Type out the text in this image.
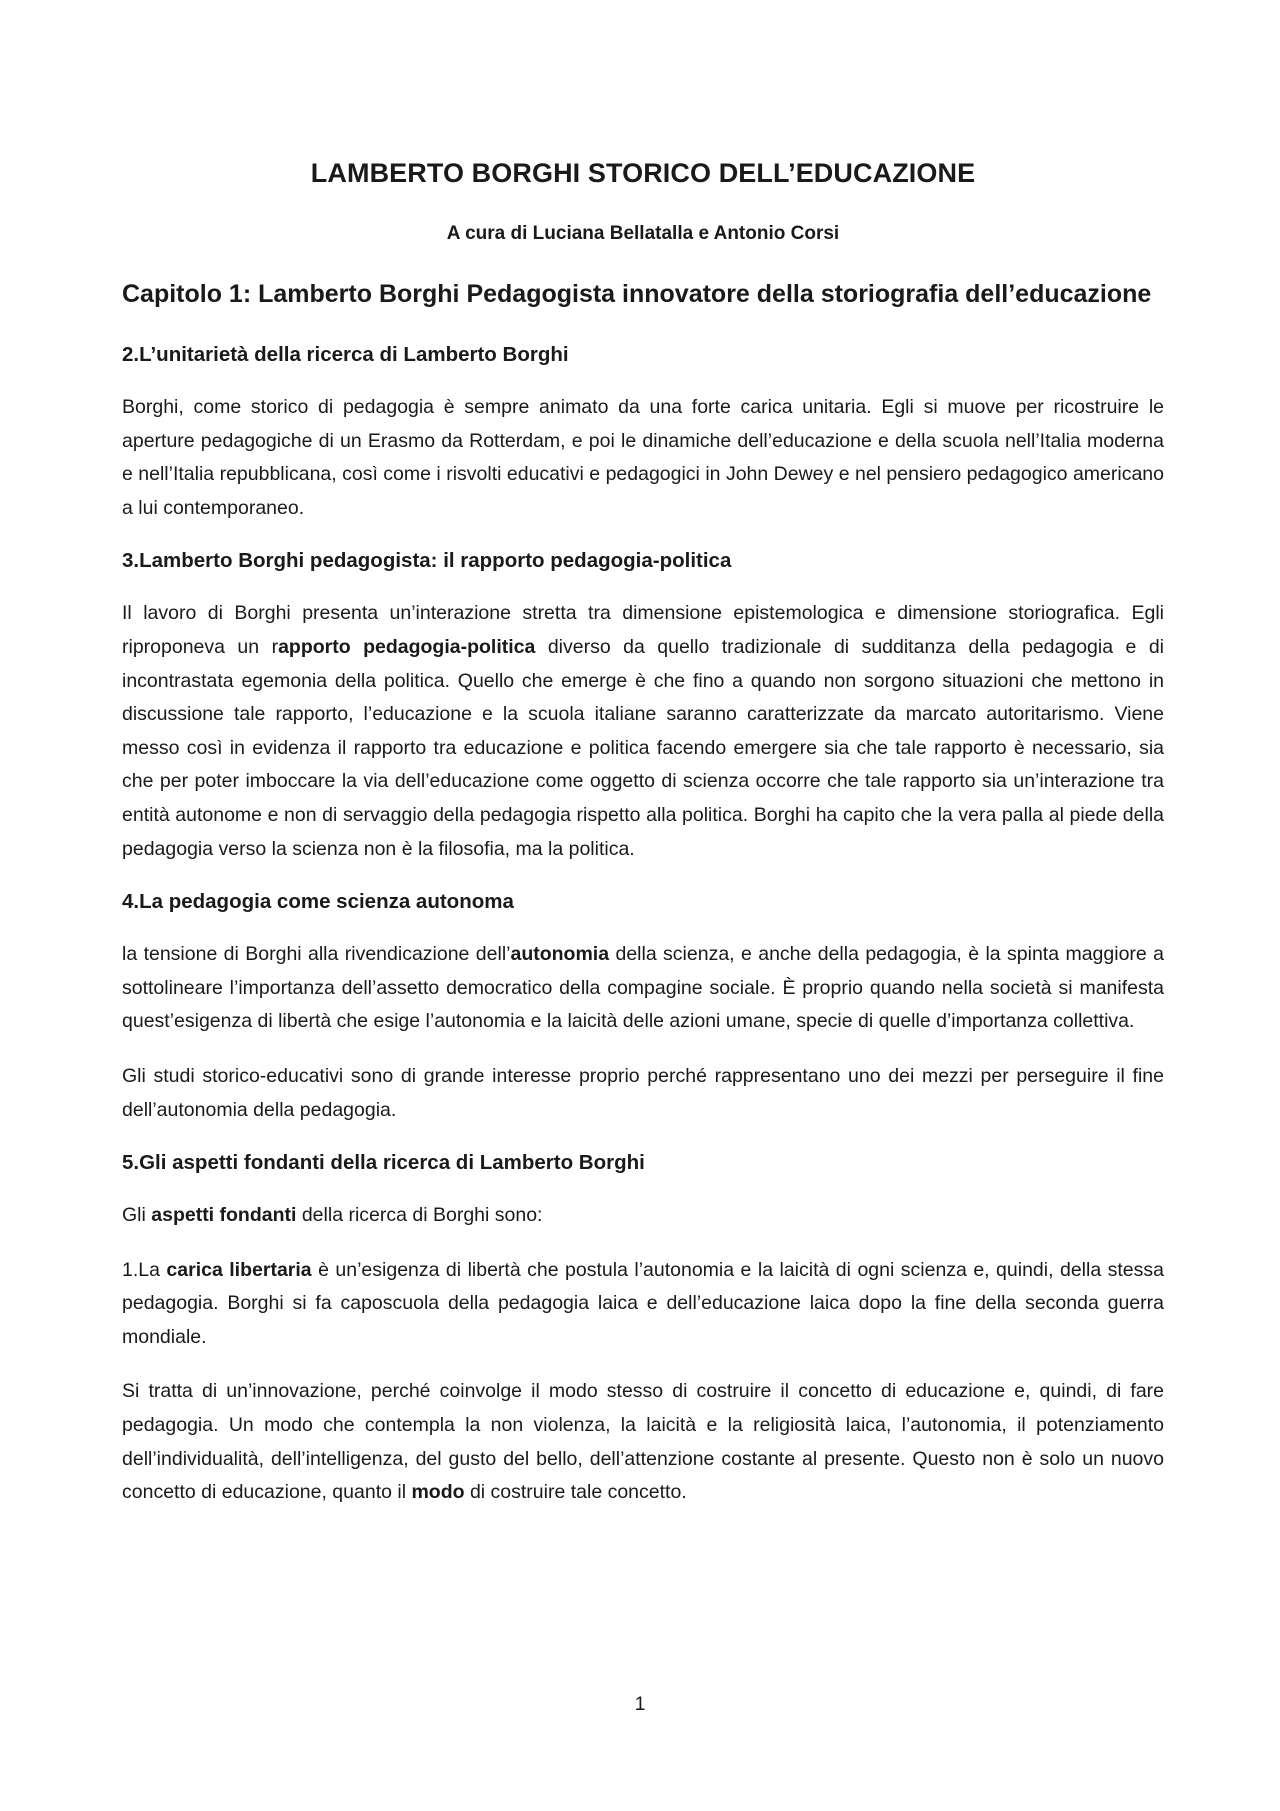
LAMBERTO BORGHI STORICO DELL’EDUCAZIONE
A cura di Luciana Bellatalla e Antonio Corsi
Capitolo 1: Lamberto Borghi Pedagogista innovatore della storiografia dell’educazione
2.L’unitarietà della ricerca di Lamberto Borghi

Borghi, come storico di pedagogia è sempre animato da una forte carica unitaria. Egli si muove per ricostruire le aperture pedagogiche di un Erasmo da Rotterdam, e poi le dinamiche dell’educazione e della scuola nell’Italia moderna e nell’Italia repubblicana, così come i risvolti educativi e pedagogici in John Dewey e nel pensiero pedagogico americano a lui contemporaneo.

3.Lamberto Borghi pedagogista: il rapporto pedagogia-politica

Il lavoro di Borghi presenta un’interazione stretta tra dimensione epistemologica e dimensione storiografica. Egli riproponeva un rapporto pedagogia-politica diverso da quello tradizionale di sudditanza della pedagogia e di incontrastata egemonia della politica. Quello che emerge è che fino a quando non sorgono situazioni che mettono in discussione tale rapporto, l’educazione e la scuola italiane saranno caratterizzate da marcato autoritarismo. Viene messo così in evidenza il rapporto tra educazione e politica facendo emergere sia che tale rapporto è necessario, sia che per poter imboccare la via dell’educazione come oggetto di scienza occorre che tale rapporto sia un’interazione tra entità autonome e non di servaggio della pedagogia rispetto alla politica. Borghi ha capito che la vera palla al piede della pedagogia verso la scienza non è la filosofia, ma la politica.

4.La pedagogia come scienza autonoma

la tensione di Borghi alla rivendicazione dell’autonomia della scienza, e anche della pedagogia, è la spinta maggiore a sottolineare l’importanza dell’assetto democratico della compagine sociale. È proprio quando nella società si manifesta quest’esigenza di libertà che esige l’autonomia e la laicità delle azioni umane, specie di quelle d’importanza collettiva.

Gli studi storico-educativi sono di grande interesse proprio perché rappresentano uno dei mezzi per perseguire il fine dell’autonomia della pedagogia.

5.Gli aspetti fondanti della ricerca di Lamberto Borghi

Gli aspetti fondanti della ricerca di Borghi sono:

1.La carica libertaria è un’esigenza di libertà che postula l’autonomia e la laicità di ogni scienza e, quindi, della stessa pedagogia. Borghi si fa caposcuola della pedagogia laica e dell’educazione laica dopo la fine della seconda guerra mondiale.

Si tratta di un’innovazione, perché coinvolge il modo stesso di costruire il concetto di educazione e, quindi, di fare pedagogia. Un modo che contempla la non violenza, la laicità e la religiosità laica, l’autonomia, il potenziamento dell’individualità, dell’intelligenza, del gusto del bello, dell’attenzione costante al presente. Questo non è solo un nuovo concetto di educazione, quanto il modo di costruire tale concetto.

1
